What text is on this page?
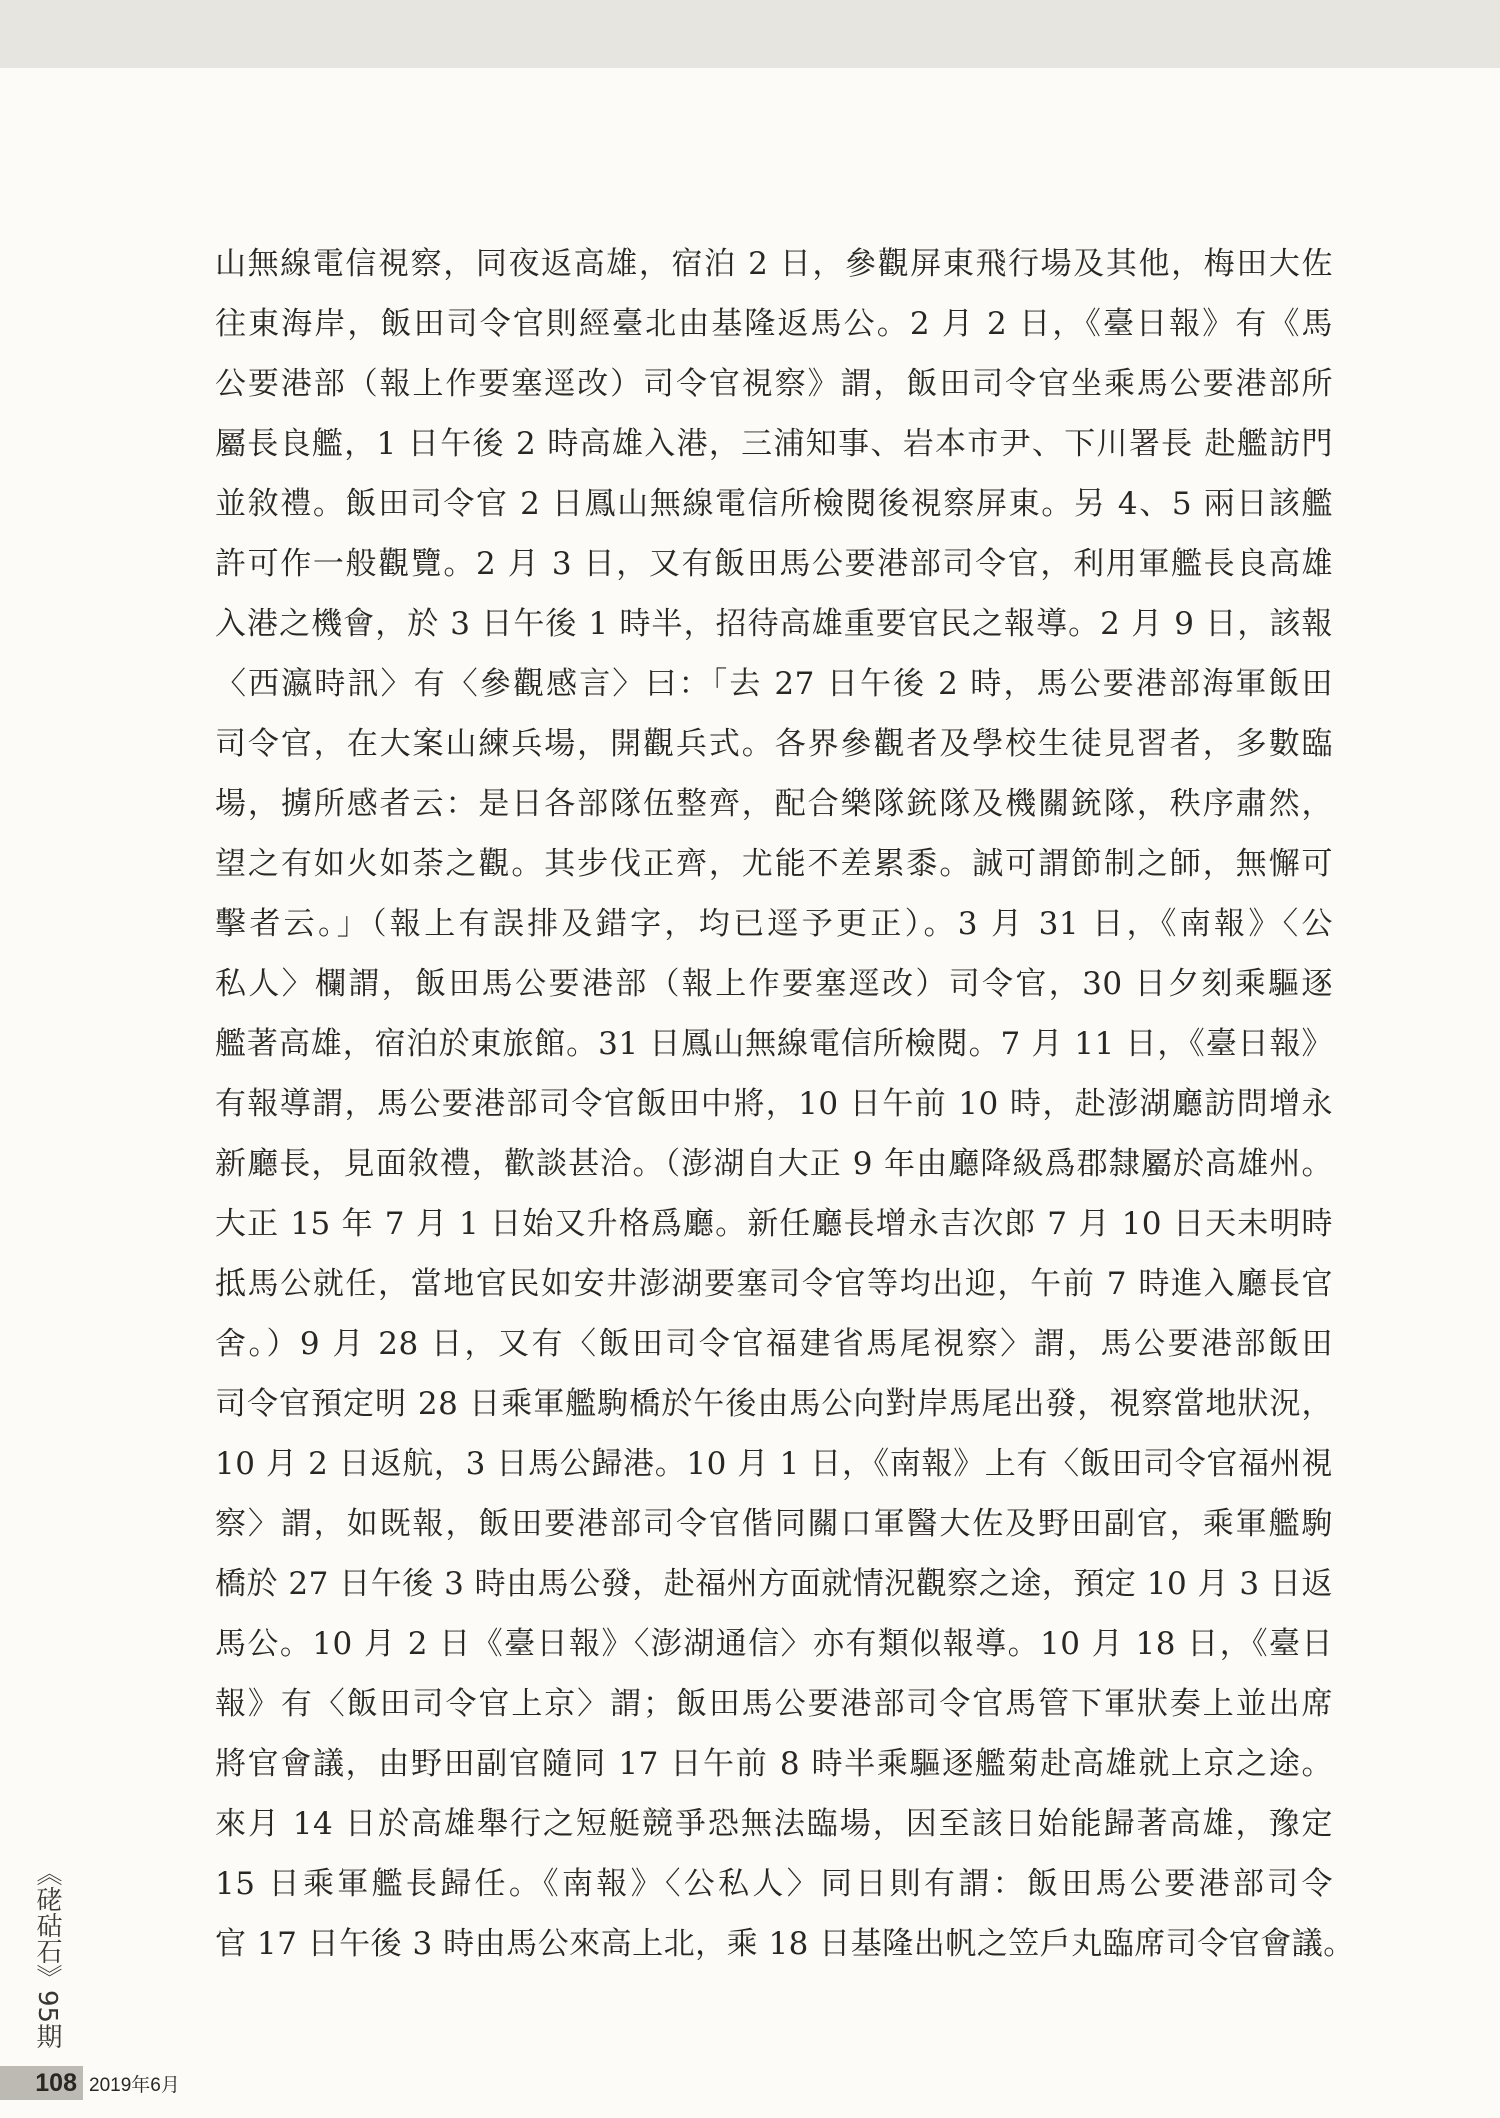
山無線電信視察，同夜返高雄，宿泊 2 日，參觀屏東飛行場及其他，梅田大佐
往東海岸，飯田司令官則經臺北由基隆返馬公。2 月 2 日，《臺日報》有《馬
公要港部（報上作要塞逕改）司令官視察》謂，飯田司令官坐乘馬公要港部所
屬長良艦，1 日午後 2 時高雄入港，三浦知事、岩本市尹、下川署長 赴艦訪門
並敘禮。飯田司令官 2 日鳳山無線電信所檢閱後視察屏東。另 4、5 兩日該艦
許可作一般觀覽。2 月 3 日，又有飯田馬公要港部司令官，利用軍艦長良高雄
入港之機會，於 3 日午後 1 時半，招待高雄重要官民之報導。2 月 9 日，該報
〈西瀛時訊〉有〈參觀感言〉曰：「去 27 日午後 2 時，馬公要港部海軍飯田
司令官，在大案山練兵場，開觀兵式。各界參觀者及學校生徒見習者，多數臨
場，擄所感者云：是日各部隊伍整齊，配合樂隊銃隊及機關銃隊，秩序肅然，
望之有如火如荼之觀。其步伐正齊，尤能不差累黍。誠可謂節制之師，無懈可
擊者云。」（報上有誤排及錯字，均已逕予更正）。3 月 31 日，《南報》〈公
私人〉欄謂，飯田馬公要港部（報上作要塞逕改）司令官，30 日夕刻乘驅逐
艦著高雄，宿泊於東旅館。31 日鳳山無線電信所檢閱。7 月 11 日，《臺日報》
有報導謂，馬公要港部司令官飯田中將，10 日午前 10 時，赴澎湖廳訪問增永
新廳長，見面敘禮，歡談甚洽。（澎湖自大正 9 年由廳降級爲郡隸屬於高雄州。
大正 15 年 7 月 1 日始又升格爲廳。新任廳長增永吉次郎 7 月 10 日天未明時
抵馬公就任，當地官民如安井澎湖要塞司令官等均出迎，午前 7 時進入廳長官
舍。）9 月 28 日，又有〈飯田司令官福建省馬尾視察〉謂，馬公要港部飯田
司令官預定明 28 日乘軍艦駒橋於午後由馬公向對岸馬尾出發，視察當地狀況，
10 月 2 日返航，3 日馬公歸港。10 月 1 日，《南報》上有〈飯田司令官福州視
察〉謂，如既報，飯田要港部司令官偕同關口軍醫大佐及野田副官，乘軍艦駒
橋於 27 日午後 3 時由馬公發，赴福州方面就情況觀察之途，預定 10 月 3 日返
馬公。10 月 2 日《臺日報》〈澎湖通信〉亦有類似報導。10 月 18 日，《臺日
報》有〈飯田司令官上京〉謂；飯田馬公要港部司令官馬管下軍狀奏上並出席
將官會議，由野田副官隨同 17 日午前 8 時半乘驅逐艦菊赴高雄就上京之途。
來月 14 日於高雄舉行之短艇競爭恐無法臨場，因至該日始能歸著高雄，豫定
15 日乘軍艦長歸任。《南報》〈公私人〉同日則有謂：飯田馬公要港部司令
官 17 日午後 3 時由馬公來高上北，乘 18 日基隆出帆之笠戶丸臨席司令官會議。
《硓𥑮石》95期
108 2019年6月
